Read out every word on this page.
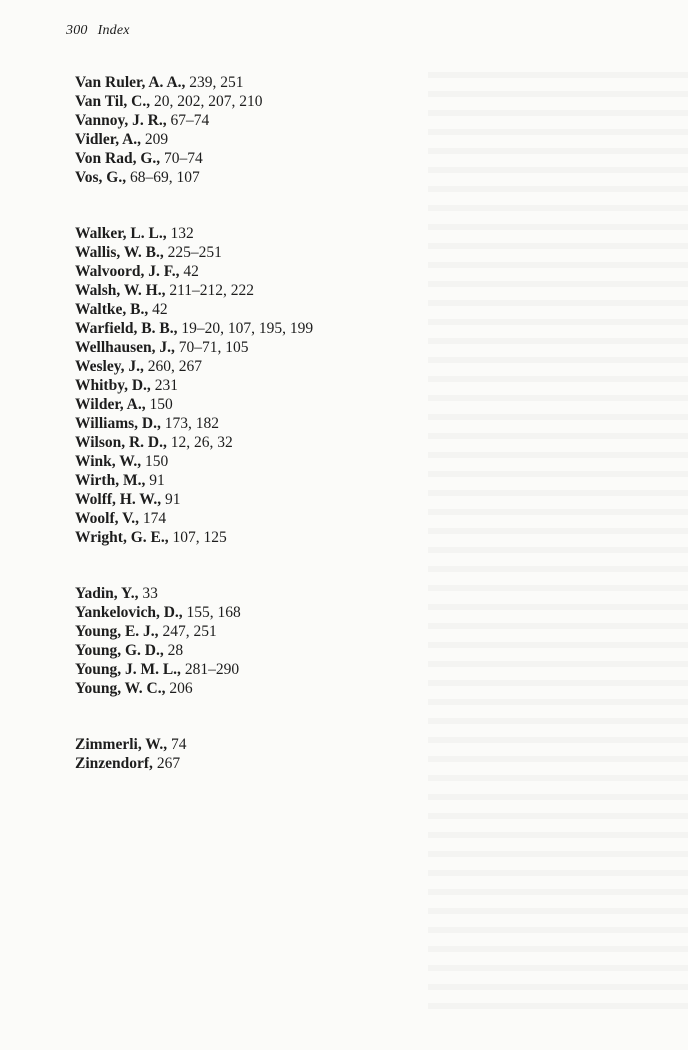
300 Index
Van Ruler, A. A., 239, 251
Van Til, C., 20, 202, 207, 210
Vannoy, J. R., 67–74
Vidler, A., 209
Von Rad, G., 70–74
Vos, G., 68–69, 107
Walker, L. L., 132
Wallis, W. B., 225–251
Walvoord, J. F., 42
Walsh, W. H., 211–212, 222
Waltke, B., 42
Warfield, B. B., 19–20, 107, 195, 199
Wellhausen, J., 70–71, 105
Wesley, J., 260, 267
Whitby, D., 231
Wilder, A., 150
Williams, D., 173, 182
Wilson, R. D., 12, 26, 32
Wink, W., 150
Wirth, M., 91
Wolff, H. W., 91
Woolf, V., 174
Wright, G. E., 107, 125
Yadin, Y., 33
Yankelovich, D., 155, 168
Young, E. J., 247, 251
Young, G. D., 28
Young, J. M. L., 281–290
Young, W. C., 206
Zimmerli, W., 74
Zinzendorf, 267
